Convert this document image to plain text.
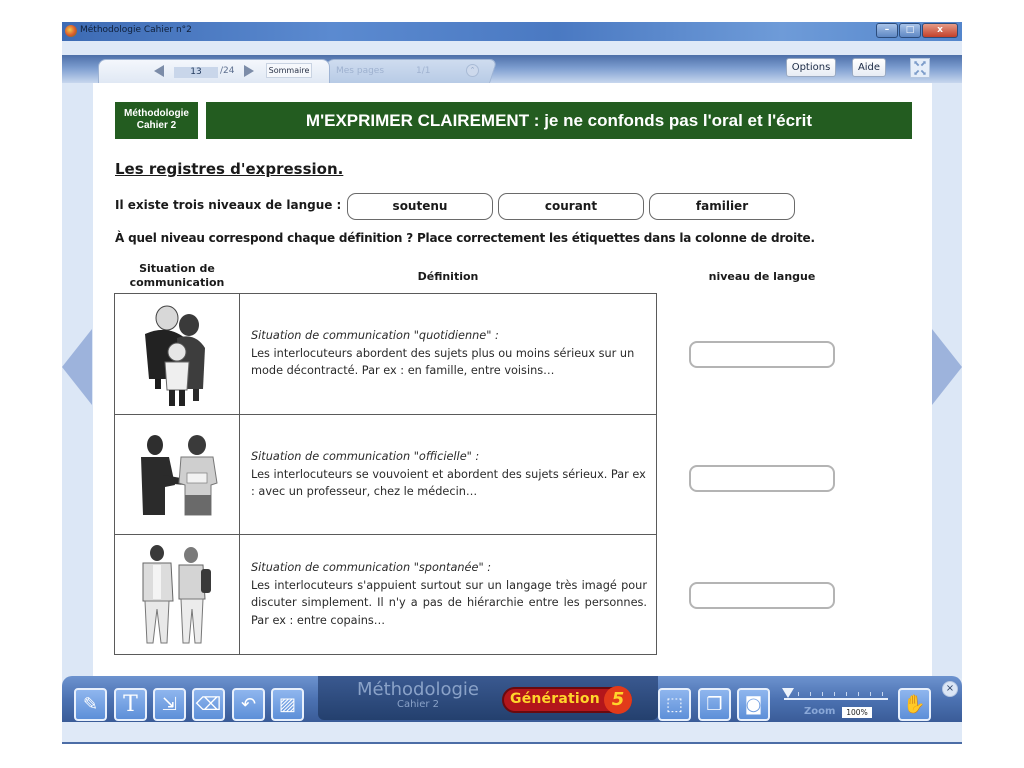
Méthodologie Cahier n°2	–	□	x
13	/24	Sommaire	Mes pages	1/1	⌃	Options	Aide	⬉⬈
⬋⬊
Méthodologie
Cahier 2	M'EXPRIMER CLAIREMENT : je ne confonds pas l'oral et l'écrit
Les registres d'expression.
Il existe trois niveaux de langue :	soutenu	courant	familier
À quel niveau correspond chaque définition ? Place correctement les étiquettes dans la colonne de droite.
Situation de communication	Définition	niveau de langue
Situation de communication "quotidienne" :
Les interlocuteurs abordent des sujets plus ou moins sérieux sur un mode décontracté. Par ex : en famille, entre voisins…
Situation de communication "officielle" :
Les interlocuteurs se vouvoient et abordent des sujets sérieux. Par ex : avec un professeur, chez le médecin…
Situation de communication "spontanée" :
Les interlocuteurs s'appuient surtout sur un langage très imagé pour discuter simplement. Il n'y a pas de hiérarchie entre les personnes. Par ex : entre copains…
✎	T	⇲	⌫	↶	▨
Méthodologie
Cahier 2	Génération 5	⬚	❐	◙	Zoom	100% ✋
×
